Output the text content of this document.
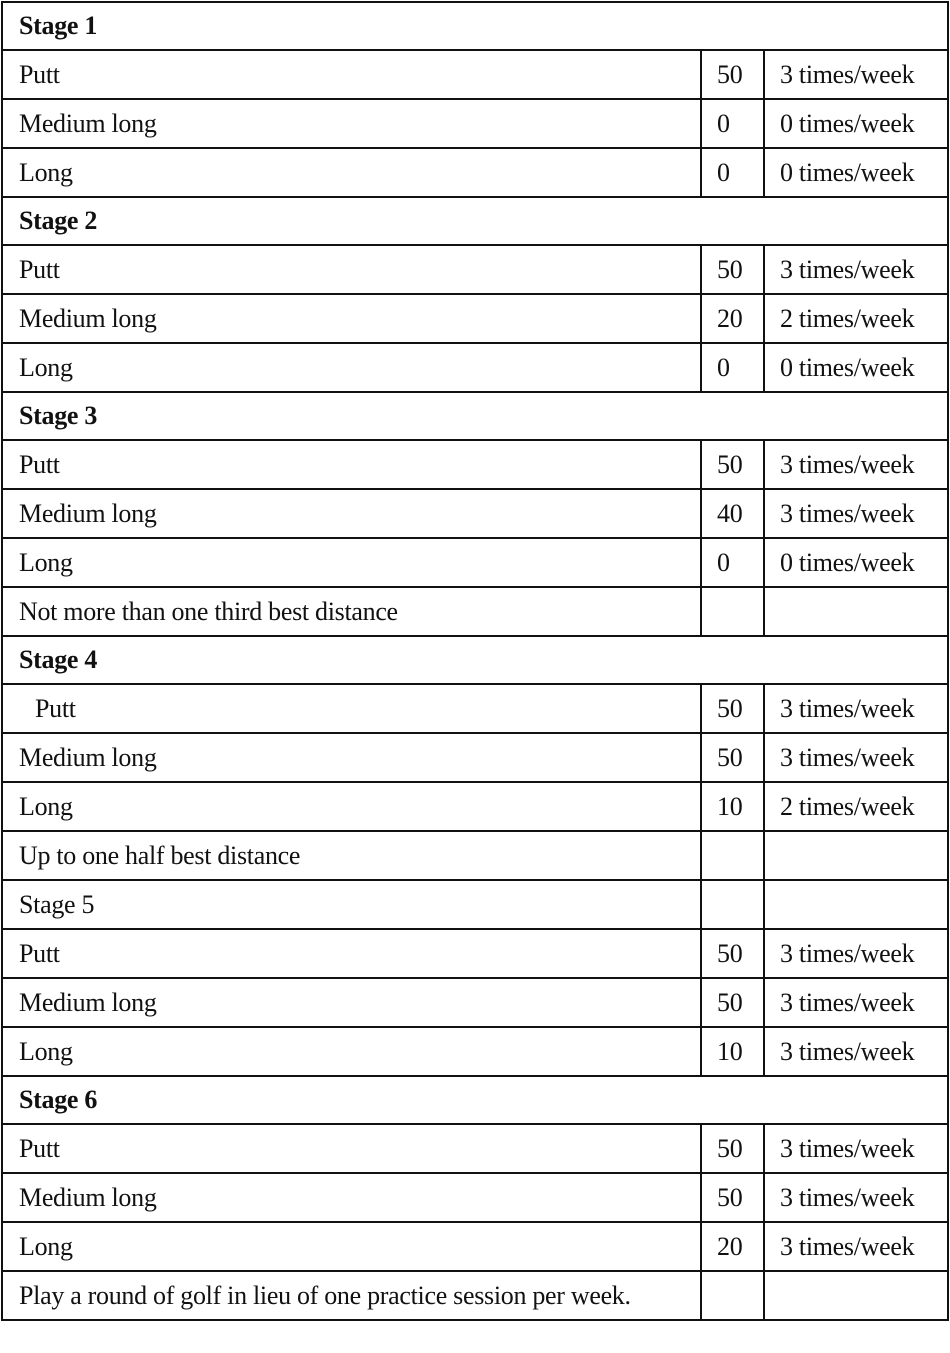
Stage 1		
Putt	50	3 times/week
Medium long	0	0 times/week
Long	0	0 times/week
Stage 2		
Putt	50	3 times/week
Medium long	20	2 times/week
Long	0	0 times/week
Stage 3		
Putt	50	3 times/week
Medium long	40	3 times/week
Long	0	0 times/week
Not more than one third best distance		
Stage 4		
Putt	50	3 times/week
Medium long	50	3 times/week
Long	10	2 times/week
Up to one half best distance		
Stage 5		
Putt	50	3 times/week
Medium long	50	3 times/week
Long	10	3 times/week
Stage 6		
Putt	50	3 times/week
Medium long	50	3 times/week
Long	20	3 times/week
Play a round of golf in lieu of one practice session per week.		
